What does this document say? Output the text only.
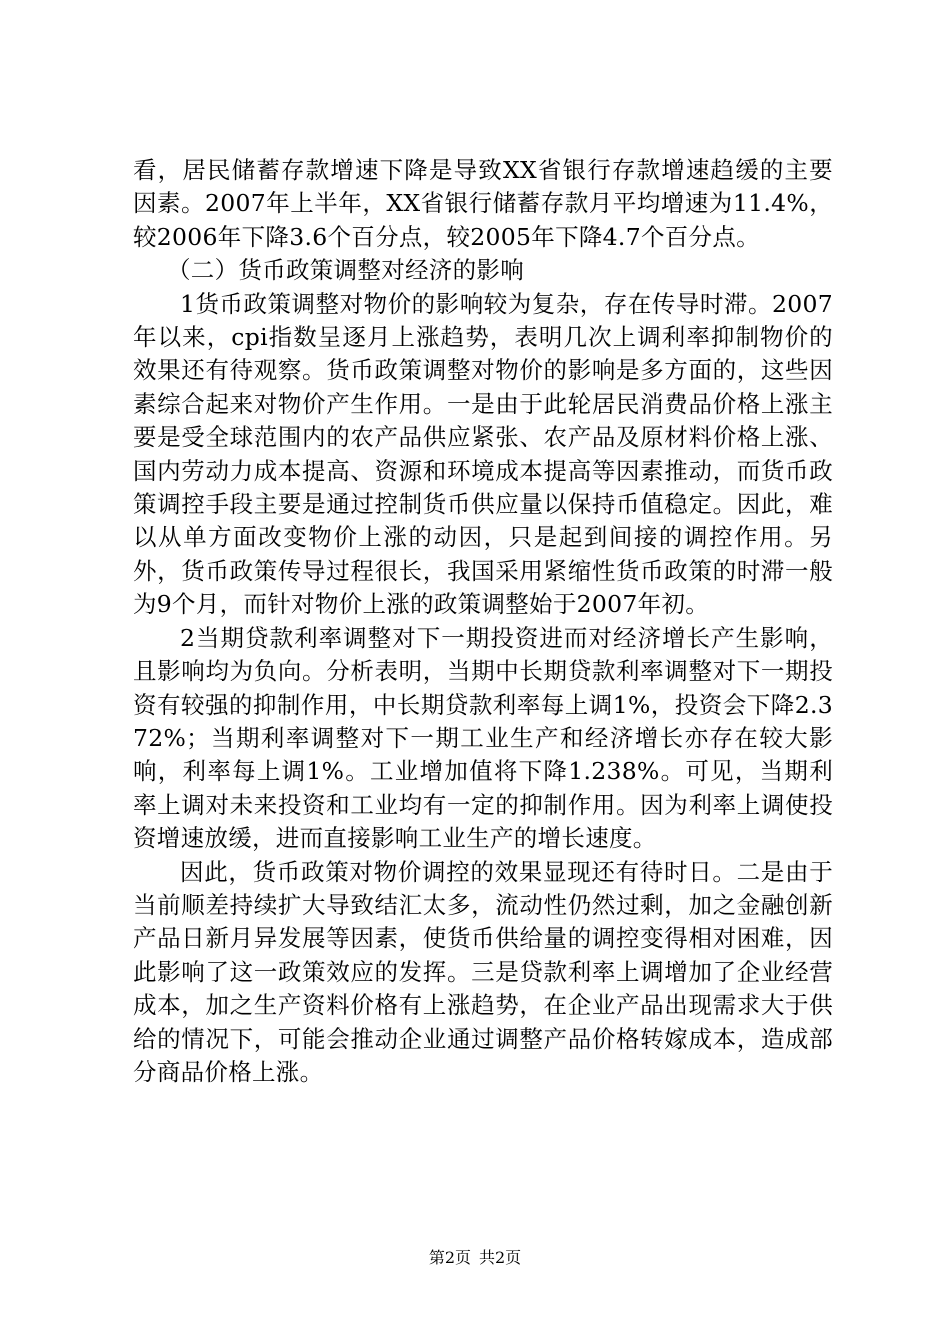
看，居民储蓄存款增速下降是导致XX省银行存款增速趋缓的主要因素。2007年上半年，XX省银行储蓄存款月平均增速为11.4%，较2006年下降3.6个百分点，较2005年下降4.7个百分点。

（二）货币政策调整对经济的影响

1货币政策调整对物价的影响较为复杂，存在传导时滞。2007年以来，cpi指数呈逐月上涨趋势，表明几次上调利率抑制物价的效果还有待观察。货币政策调整对物价的影响是多方面的，这些因素综合起来对物价产生作用。一是由于此轮居民消费品价格上涨主要是受全球范围内的农产品供应紧张、农产品及原材料价格上涨、国内劳动力成本提高、资源和环境成本提高等因素推动，而货币政策调控手段主要是通过控制货币供应量以保持币值稳定。因此，难以从单方面改变物价上涨的动因，只是起到间接的调控作用。另外，货币政策传导过程很长，我国采用紧缩性货币政策的时滞一般为9个月，而针对物价上涨的政策调整始于2007年初。

2当期贷款利率调整对下一期投资进而对经济增长产生影响，且影响均为负向。分析表明，当期中长期贷款利率调整对下一期投资有较强的抑制作用，中长期贷款利率每上调1%，投资会下降2.372%；当期利率调整对下一期工业生产和经济增长亦存在较大影响，利率每上调1%。工业增加值将下降1.238%。可见，当期利率上调对未来投资和工业均有一定的抑制作用。因为利率上调使投资增速放缓，进而直接影响工业生产的增长速度。

因此，货币政策对物价调控的效果显现还有待时日。二是由于当前顺差持续扩大导致结汇太多，流动性仍然过剩，加之金融创新产品日新月异发展等因素，使货币供给量的调控变得相对困难，因此影响了这一政策效应的发挥。三是贷款利率上调增加了企业经营成本，加之生产资料价格有上涨趋势，在企业产品出现需求大于供给的情况下，可能会推动企业通过调整产品价格转嫁成本，造成部分商品价格上涨。

第2页 共2页
